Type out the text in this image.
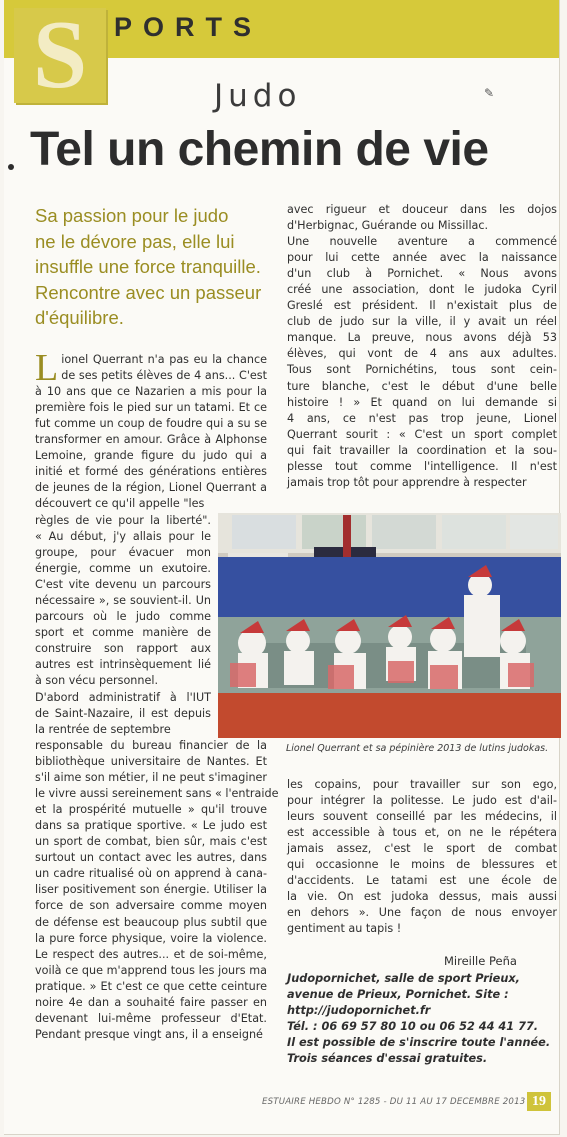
S PORTS
Judo	✎
Tel un chemin de vie
Sa passion pour le judo
ne le dévore pas, elle lui
insuffle une force tranquille.
Rencontre avec un passeur
d'équilibre.
L ionel Querrant n'a pas eu la chance
de ses petits élèves de 4 ans... C'est
à 10 ans que ce Nazarien a mis pour la
première fois le pied sur un tatami. Et ce
fut comme un coup de foudre qui a su se
transformer en amour. Grâce à Alphonse
Lemoine, grande figure du judo qui a
initié et formé des générations entières
de jeunes de la région, Lionel Querrant a
découvert ce qu'il appelle "les
règles de vie pour la liberté".
« Au début, j'y allais pour le
groupe, pour évacuer mon
énergie, comme un exutoire.
C'est vite devenu un parcours
nécessaire », se souvient-il. Un
parcours où le judo comme
sport et comme manière de
construire son rapport aux
autres est intrinsèquement lié
à son vécu personnel.
D'abord administratif à l'IUT
de Saint-Nazaire, il est depuis
la rentrée de septembre
responsable du bureau financier de la
bibliothèque universitaire de Nantes. Et
s'il aime son métier, il ne peut s'imaginer
le vivre aussi sereinement sans « l'entraide
et la prospérité mutuelle » qu'il trouve
dans sa pratique sportive. « Le judo est
un sport de combat, bien sûr, mais c'est
surtout un contact avec les autres, dans
un cadre ritualisé où on apprend à cana-
liser positivement son énergie. Utiliser la
force de son adversaire comme moyen
de défense est beaucoup plus subtil que
la pure force physique, voire la violence.
Le respect des autres... et de soi-même,
voilà ce que m'apprend tous les jours ma
pratique. » Et c'est ce que cette ceinture
noire 4e dan a souhaité faire passer en
devenant lui-même professeur d'Etat.
Pendant presque vingt ans, il a enseigné
avec rigueur et douceur dans les dojos
d'Herbignac, Guérande ou Missillac.
Une nouvelle aventure a commencé
pour lui cette année avec la naissance
d'un club à Pornichet. « Nous avons
créé une association, dont le judoka Cyril
Greslé est président. Il n'existait plus de
club de judo sur la ville, il y avait un réel
manque. La preuve, nous avons déjà 53
élèves, qui vont de 4 ans aux adultes.
Tous sont Pornichétins, tous sont cein-
ture blanche, c'est le début d'une belle
histoire ! » Et quand on lui demande si
4 ans, ce n'est pas trop jeune, Lionel
Querrant sourit : « C'est un sport complet
qui fait travailler la coordination et la sou-
plesse tout comme l'intelligence. Il n'est
jamais trop tôt pour apprendre à respecter
Lionel Querrant et sa pépinière 2013 de lutins judokas.
les copains, pour travailler sur son ego,
pour intégrer la politesse. Le judo est d'ail-
leurs souvent conseillé par les médecins, il
est accessible à tous et, on ne le répétera
jamais assez, c'est le sport de combat
qui occasionne le moins de blessures et
d'accidents. Le tatami est une école de
la vie. On est judoka dessus, mais aussi
en dehors ». Une façon de nous envoyer
gentiment au tapis !
Mireille Peña
Judopornichet, salle de sport Prieux,
avenue de Prieux, Pornichet. Site :
http://judopornichet.fr
Tél. : 06 69 57 80 10 ou 06 52 44 41 77.
Il est possible de s'inscrire toute l'année.
Trois séances d'essai gratuites.
ESTUAIRE HEBDO N° 1285 - DU 11 AU 17 DECEMBRE 2013 19
